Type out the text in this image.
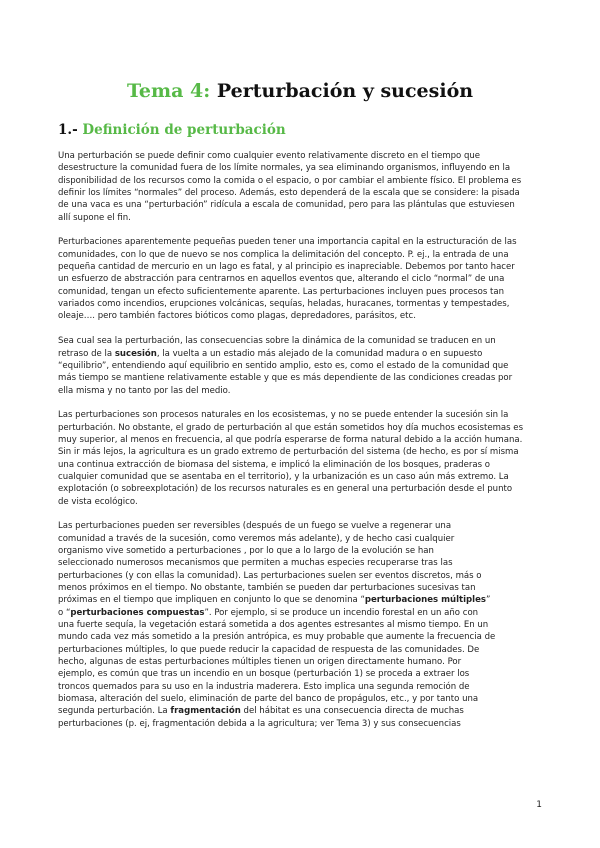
Tema 4: Perturbación y sucesión
1.- Definición de perturbación
Una perturbación se puede definir como cualquier evento relativamente discreto en el tiempo que
desestructure la comunidad fuera de los límite normales, ya sea eliminando organismos, influyendo en la
disponibilidad de los recursos como la comida o el espacio, o por cambiar el ambiente físico. El problema es
definir los límites “normales” del proceso. Además, esto dependerá de la escala que se considere: la pisada
de una vaca es una “perturbación” ridícula a escala de comunidad, pero para las plántulas que estuviesen
allí supone el fin.
Perturbaciones aparentemente pequeñas pueden tener una importancia capital en la estructuración de las
comunidades, con lo que de nuevo se nos complica la delimitación del concepto. P. ej., la entrada de una
pequeña cantidad de mercurio en un lago es fatal, y al principio es inapreciable. Debemos por tanto hacer
un esfuerzo de abstracción para centrarnos en aquellos eventos que, alterando el ciclo “normal” de una
comunidad, tengan un efecto suficientemente aparente. Las perturbaciones incluyen pues procesos tan
variados como incendios, erupciones volcánicas, sequías, heladas, huracanes, tormentas y tempestades,
oleaje…. pero también factores bióticos como plagas, depredadores, parásitos, etc.
Sea cual sea la perturbación, las consecuencias sobre la dinámica de la comunidad se traducen en un
retraso de la sucesión, la vuelta a un estadio más alejado de la comunidad madura o en supuesto
“equilibrio”, entendiendo aquí equilibrio en sentido amplio, esto es, como el estado de la comunidad que
más tiempo se mantiene relativamente estable y que es más dependiente de las condiciones creadas por
ella misma y no tanto por las del medio.
Las perturbaciones son procesos naturales en los ecosistemas, y no se puede entender la sucesión sin la
perturbación. No obstante, el grado de perturbación al que están sometidos hoy día muchos ecosistemas es
muy superior, al menos en frecuencia, al que podría esperarse de forma natural debido a la acción humana.
Sin ir más lejos, la agricultura es un grado extremo de perturbación del sistema (de hecho, es por sí misma
una continua extracción de biomasa del sistema, e implicó la eliminación de los bosques, praderas o
cualquier comunidad que se asentaba en el territorio), y la urbanización es un caso aún más extremo. La
explotación (o sobreexplotación) de los recursos naturales es en general una perturbación desde el punto
de vista ecológico.
Las perturbaciones pueden ser reversibles (después de un fuego se vuelve a regenerar una
comunidad a través de la sucesión, como veremos más adelante), y de hecho casi cualquier
organismo vive sometido a perturbaciones , por lo que a lo largo de la evolución se han
seleccionado numerosos mecanismos que permiten a muchas especies recuperarse tras las
perturbaciones (y con ellas la comunidad). Las perturbaciones suelen ser eventos discretos, más o
menos próximos en el tiempo. No obstante, también se pueden dar perturbaciones sucesivas tan
próximas en el tiempo que impliquen en conjunto lo que se denomina “perturbaciones múltiples”
o “perturbaciones compuestas”. Por ejemplo, si se produce un incendio forestal en un año con
una fuerte sequía, la vegetación estará sometida a dos agentes estresantes al mismo tiempo. En un
mundo cada vez más sometido a la presión antrópica, es muy probable que aumente la frecuencia de
perturbaciones múltiples, lo que puede reducir la capacidad de respuesta de las comunidades. De
hecho, algunas de estas perturbaciones múltiples tienen un origen directamente humano. Por
ejemplo, es común que tras un incendio en un bosque (perturbación 1) se proceda a extraer los
troncos quemados para su uso en la industria maderera. Esto implica una segunda remoción de
biomasa, alteración del suelo, eliminación de parte del banco de propágulos, etc., y por tanto una
segunda perturbación. La fragmentación del hábitat es una consecuencia directa de muchas
perturbaciones (p. ej, fragmentación debida a la agricultura; ver Tema 3) y sus consecuencias
1
